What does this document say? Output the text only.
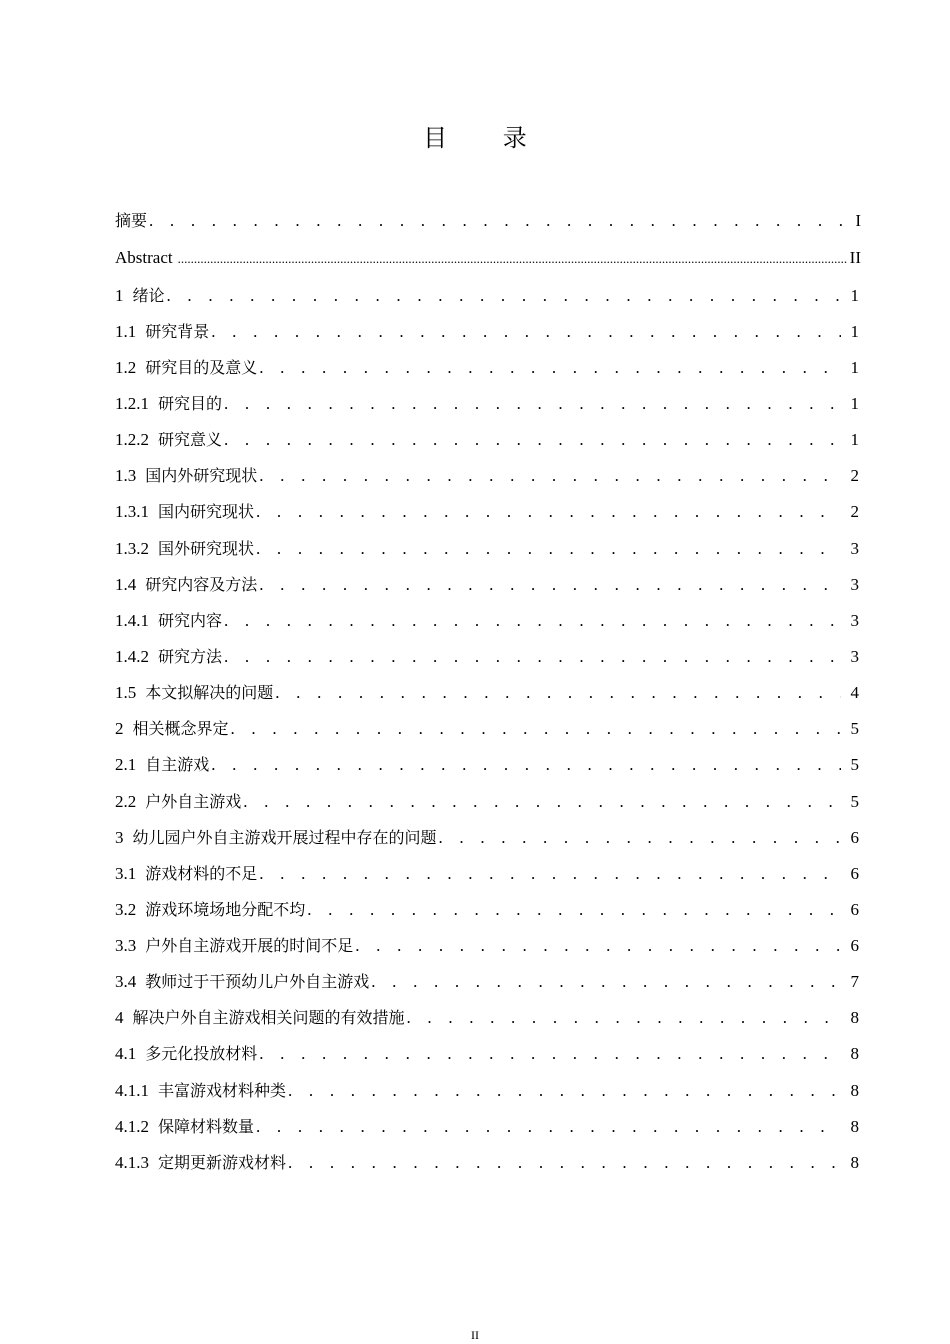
目 录
摘要 . . .	I
Abstract .....	II
1 绪论 . . .	1
1.1 研究背景 . . .	1
1.2 研究目的及意义 . . .	1
1.2.1 研究目的 . . .	1
1.2.2 研究意义 . . .	1
1.3 国内外研究现状 . . .	2
1.3.1 国内研究现状 . . .	2
1.3.2 国外研究现状 . . .	3
1.4 研究内容及方法 . . .	3
1.4.1 研究内容 . . .	3
1.4.2 研究方法 . . .	3
1.5 本文拟解决的问题 . . .	4
2 相关概念界定 . . .	5
2.1 自主游戏 . . .	5
2.2 户外自主游戏 . . .	5
3 幼儿园户外自主游戏开展过程中存在的问题 . . .	6
3.1 游戏材料的不足 . . .	6
3.2 游戏环境场地分配不均 . . .	6
3.3 户外自主游戏开展的时间不足 . . .	6
3.4 教师过于干预幼儿户外自主游戏 . . .	7
4 解决户外自主游戏相关问题的有效措施 . . .	8
4.1 多元化投放材料 . . .	8
4.1.1 丰富游戏材料种类 . . .	8
4.1.2 保障材料数量 . . .	8
4.1.3 定期更新游戏材料 . . .	8
II
